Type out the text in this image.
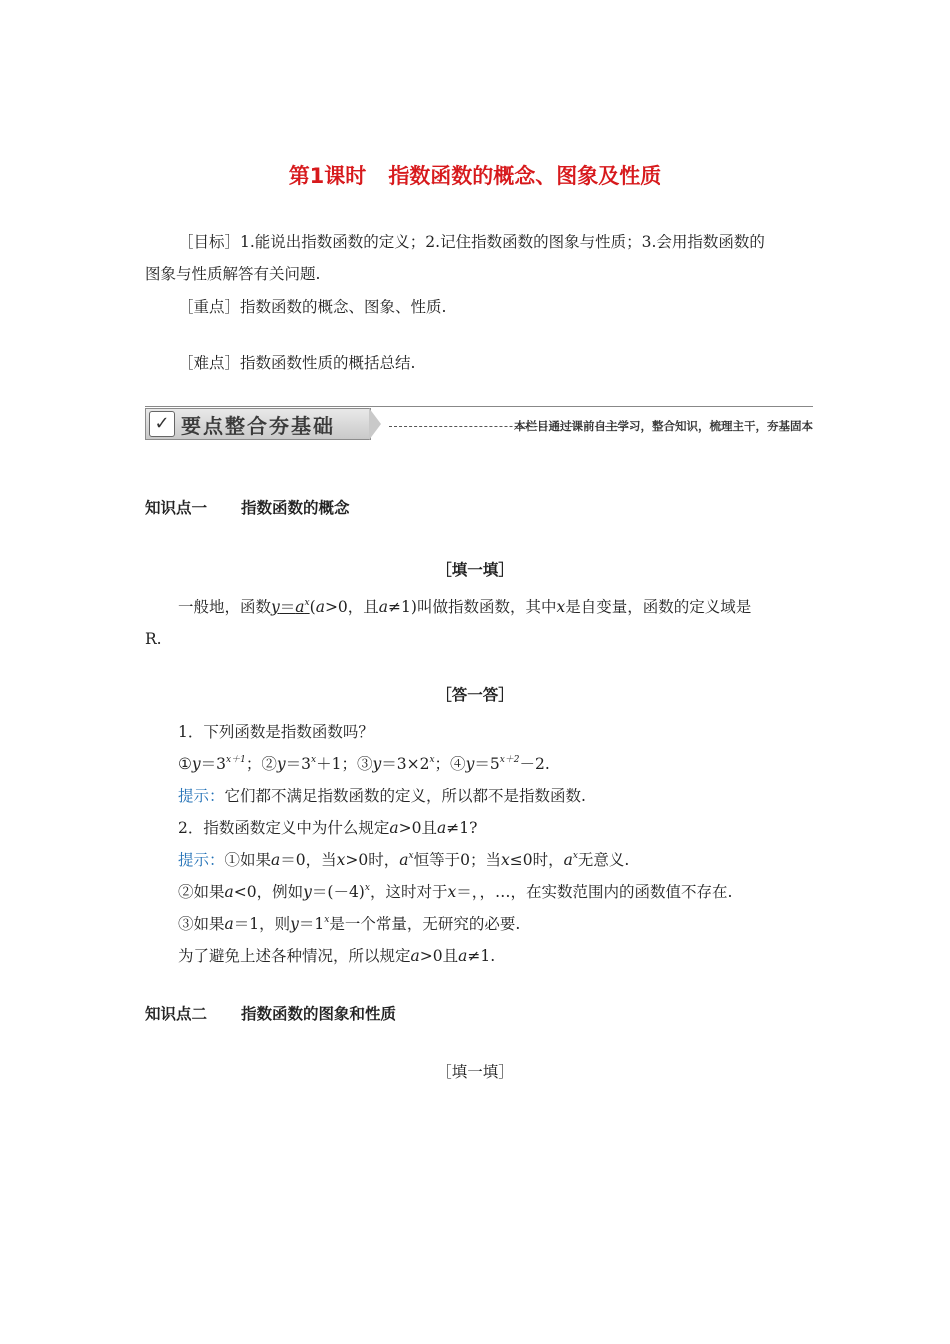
第1课时 指数函数的概念、图象及性质
［目标］1.能说出指数函数的定义；2.记住指数函数的图象与性质；3.会用指数函数的
图象与性质解答有关问题.
［重点］指数函数的概念、图象、性质.
［难点］指数函数性质的概括总结.
✓ 要点整合夯基础	本栏目通过课前自主学习，整合知识，梳理主干，夯基固本
知识点一 指数函数的概念
［填一填］
一般地，函数$y=a^x(a>0$，且a≠1)叫做指数函数，其中x是自变量，函数的定义域是
R.
［答一答］
1．下列函数是指数函数吗？
$①y=3^{x+1}$；$②y=3^x+1$；$③y=3\times 2^x$；$④y=5^{x+2}-2$.
提示：它们都不满足指数函数的定义，所以都不是指数函数.
2．指数函数定义中为什么规定a>0且a≠1?
提示：①如果a＝0，当x>0时，$a^x$恒等于0；当x≤0时，$a^x$无意义.
②如果a<0，例如$y=(-4)^x$，这时对于x＝，，…，在实数范围内的函数值不存在.
③如果a＝1，则$y=1^x$是一个常量，无研究的必要.
为了避免上述各种情况，所以规定a>0且a≠1.
知识点二 指数函数的图象和性质
［填一填］
